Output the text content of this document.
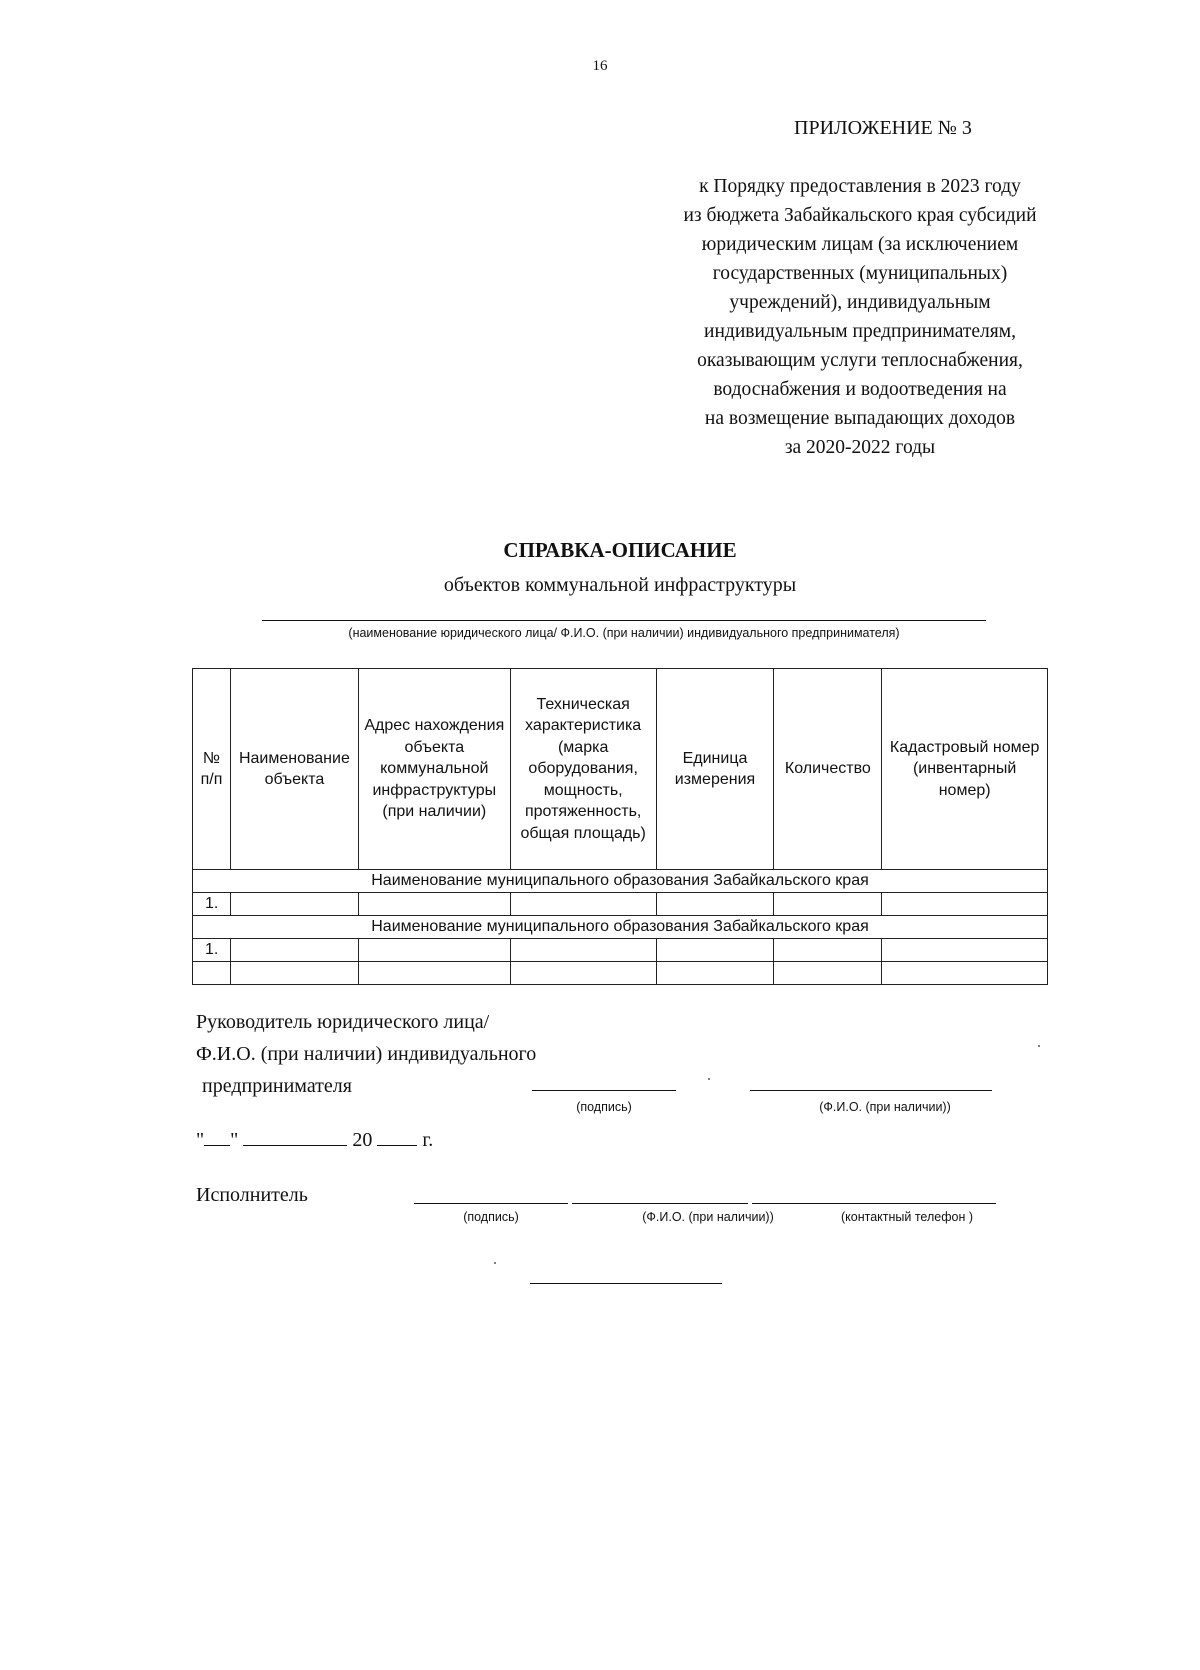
16
ПРИЛОЖЕНИЕ № 3
к Порядку предоставления в 2023 году
из бюджета Забайкальского края субсидий
юридическим лицам (за исключением
государственных (муниципальных)
учреждений), индивидуальным
индивидуальным предпринимателям,
оказывающим услуги теплоснабжения,
водоснабжения и водоотведения на
на возмещение выпадающих доходов
за 2020-2022 годы
СПРАВКА-ОПИСАНИЕ
объектов коммунальной инфраструктуры
(наименование юридического лица/ Ф.И.О. (при наличии) индивидуального предпринимателя)
№ п/п	Наименование объекта	Адрес нахождения объекта коммунальной инфраструктуры (при наличии)	Техническая характеристика (марка оборудования, мощность, протяженность, общая площадь)	Единица измерения	Количество	Кадастровый номер (инвентарный номер)
Наименование муниципального образования Забайкальского края						
1.						
Наименование муниципального образования Забайкальского края						
1.						

Руководитель юридического лица/
Ф.И.О. (при наличии) индивидуального
предпринимателя
(подпись)	(Ф.И.О. (при наличии))
" "	20	г.
Исполнитель
(подпись)	(Ф.И.О. (при наличии))	(контактный телефон )
